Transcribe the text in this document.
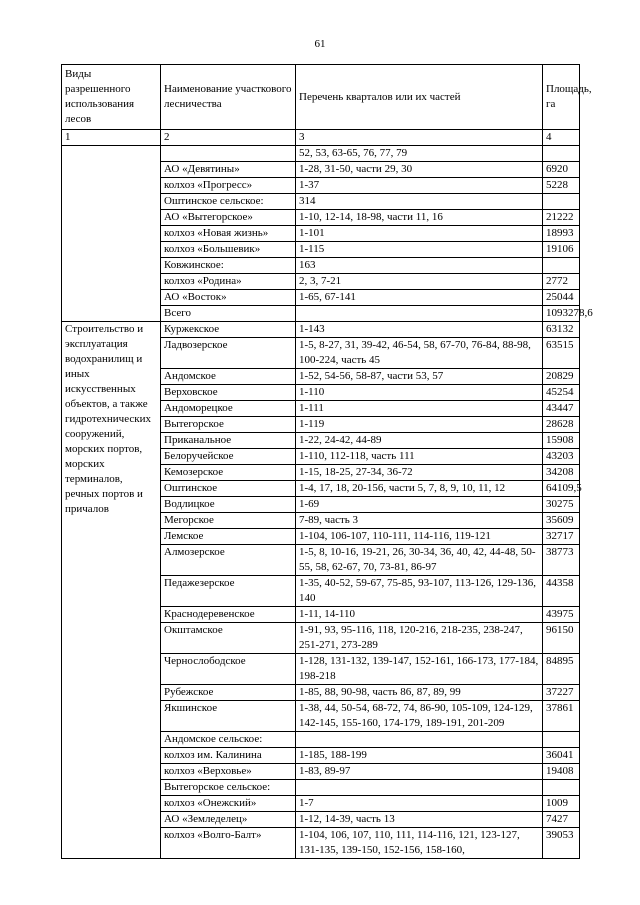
61
Виды разрешенного использования лесов	Наименование участкового лесничества	Перечень кварталов или их частей	Площадь, га
1	2	3	4
		52, 53, 63-65, 76, 77, 79	
	АО «Девятины»	1-28, 31-50, части 29, 30	6920
	колхоз «Прогресс»	1-37	5228
	Оштинское сельское:	314	
	АО «Вытегорское»	1-10, 12-14, 18-98, части 11, 16	21222
	колхоз «Новая жизнь»	1-101	18993
	колхоз «Большевик»	1-115	19106
	Ковжинское:	163	
	колхоз «Родина»	2, 3, 7-21	2772
	АО «Восток»	1-65, 67-141	25044
	Всего		1093278,6
Строительство и эксплуатация водохранилищ и иных искусственных объектов, а также гидротехнических сооружений, морских портов, морских терминалов, речных портов и причалов	Куржекское	1-143	63132
	Ладвозерское	1-5, 8-27, 31, 39-42, 46-54, 58, 67-70, 76-84, 88-98, 100-224, часть 45	63515
	Андомское	1-52, 54-56, 58-87, части 53, 57	20829
	Верховское	1-110	45254
	Андоморецкое	1-111	43447
	Вытегорское	1-119	28628
	Приканальное	1-22, 24-42, 44-89	15908
	Белоручейское	1-110, 112-118, часть 111	43203
	Кемозерское	1-15, 18-25, 27-34, 36-72	34208
	Оштинское	1-4, 17, 18, 20-156, части 5, 7, 8, 9, 10, 11, 12	64109,5
	Водлицкое	1-69	30275
	Мегорское	7-89, часть 3	35609
	Лемское	1-104, 106-107, 110-111, 114-116, 119-121	32717
	Алмозерское	1-5, 8, 10-16, 19-21, 26, 30-34, 36, 40, 42, 44-48, 50-55, 58, 62-67, 70, 73-81, 86-97	38773
	Педажезерское	1-35, 40-52, 59-67, 75-85, 93-107, 113-126, 129-136, 140	44358
	Краснодеревенское	1-11, 14-110	43975
	Окштамское	1-91, 93, 95-116, 118, 120-216, 218-235, 238-247, 251-271, 273-289	96150
	Чернослободское	1-128, 131-132, 139-147, 152-161, 166-173, 177-184, 198-218	84895
	Рубежское	1-85, 88, 90-98, часть 86, 87, 89, 99	37227
	Якшинское	1-38, 44, 50-54, 68-72, 74, 86-90, 105-109, 124-129, 142-145, 155-160, 174-179, 189-191, 201-209	37861
	Андомское сельское:		
	колхоз им. Калинина	1-185, 188-199	36041
	колхоз «Верховье»	1-83, 89-97	19408
	Вытегорское сельское:		
	колхоз «Онежский»	1-7	1009
	АО «Земледелец»	1-12, 14-39, часть 13	7427
	колхоз «Волго-Балт»	1-104, 106, 107, 110, 111, 114-116, 121, 123-127, 131-135, 139-150, 152-156, 158-160,	39053
